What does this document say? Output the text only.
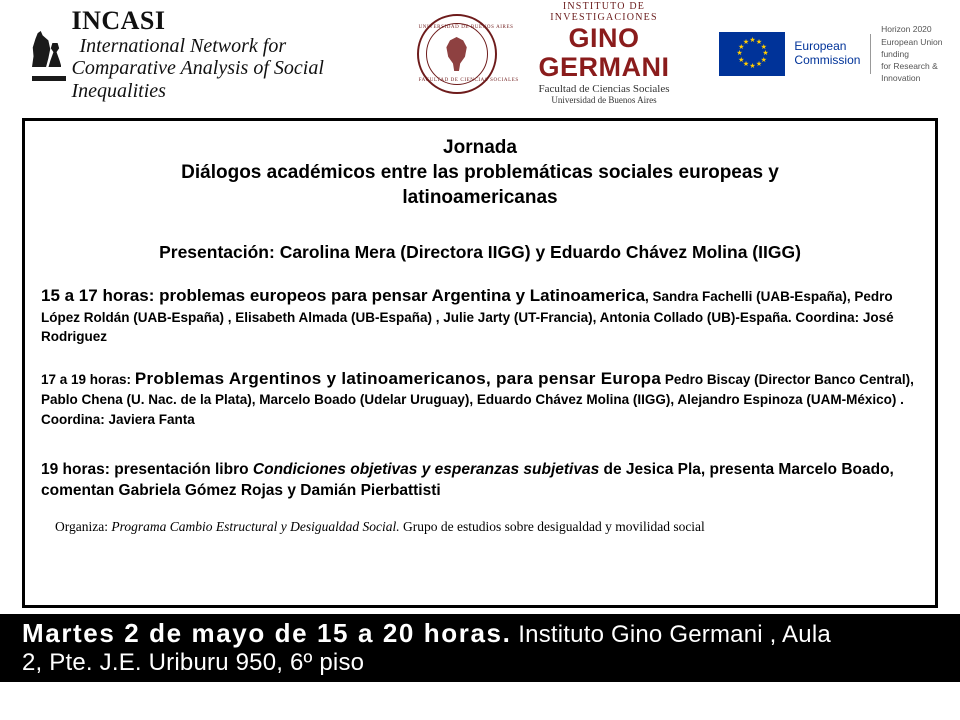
INCASIInternational Network for
Comparative Analysis of Social Inequalities
UNIVERSIDAD DE BUENOS AIRES
FACULTAD DE CIENCIAS SOCIALES
INSTITUTO DE INVESTIGACIONES
GINO GERMANI
Facultad de Ciencias Sociales
Universidad de Buenos Aires
★ ★
★
★
★
★
★
★
★
★
★
★	European
Commission
Horizon 2020
European Union funding
for Research & Innovation
Jornada
Diálogos académicos entre las problemáticas sociales europeas y
latinoamericanas
Presentación: Carolina Mera (Directora IIGG) y Eduardo Chávez Molina (IIGG)
15 a 17 horas: problemas europeos para pensar Argentina y Latinoamerica, Sandra Fachelli (UAB-España), Pedro López Roldán (UAB-España) , Elisabeth Almada (UB-España) , Julie Jarty (UT-Francia), Antonia Collado (UB)-España. Coordina: José Rodriguez
17 a 19 horas: Problemas Argentinos y latinoamericanos, para pensar Europa Pedro Biscay (Director Banco Central), Pablo Chena (U. Nac. de la Plata), Marcelo Boado (Udelar Uruguay), Eduardo Chávez Molina (IIGG), Alejandro Espinoza (UAM-México) . Coordina: Javiera Fanta
19 horas: presentación libro Condiciones objetivas y esperanzas subjetivas de Jesica Pla, presenta Marcelo Boado, comentan Gabriela Gómez Rojas y Damián Pierbattisti
Organiza: Programa Cambio Estructural y Desigualdad Social. Grupo de estudios sobre desigualdad y movilidad social
Martes 2 de mayo de 15 a 20 horas. Instituto Gino Germani , Aula
2, Pte. J.E. Uriburu 950, 6º piso
